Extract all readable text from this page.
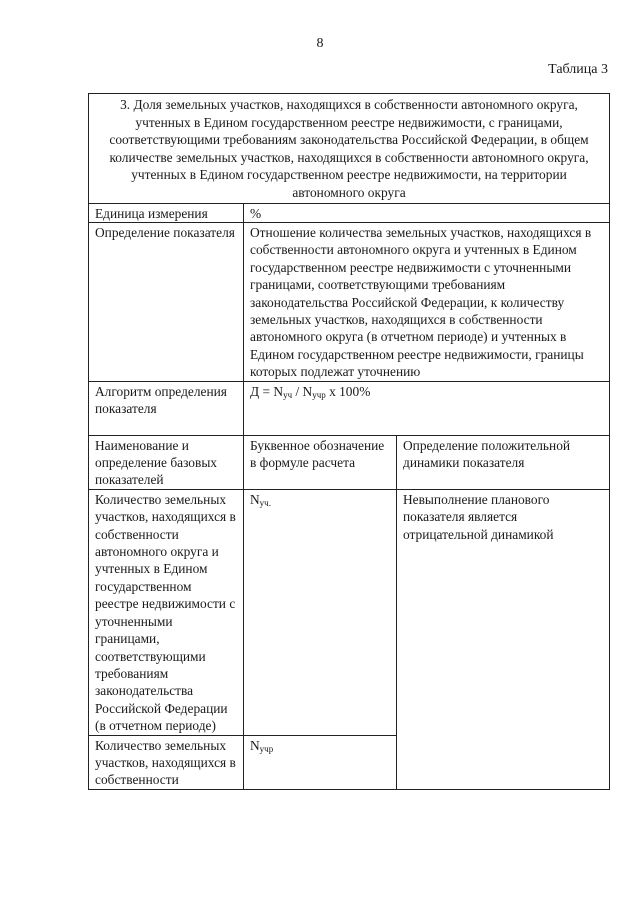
8
Таблица 3
3. Доля земельных участков, находящихся в собственности автономного округа, учтенных в Едином государственном реестре недвижимости, с границами, соответствующими требованиям законодательства Российской Федерации, в общем количестве земельных участков, находящихся в собственности автономного округа, учтенных в Едином государственном реестре недвижимости, на территории автономного округа		
Единица измерения	%	
Определение показателя	Отношение количества земельных участков, находящихся в собственности автономного округа и учтенных в Едином государственном реестре недвижимости с уточненными границами, соответствующими требованиям законодательства Российской Федерации, к количеству земельных участков, находящихся в собственности автономного округа (в отчетном периоде) и учтенных в Едином государственном реестре недвижимости, границы которых подлежат уточнению	
Алгоритм определения показателя	$Д = N_{уч} / N_{учр}$ x 100%	
Наименование и определение базовых показателей	Буквенное обозначение в формуле расчета	Определение положительной динамики показателя
Количество земельных участков, находящихся в собственности автономного округа и учтенных в Едином государственном реестре недвижимости с уточненными границами, соответствующими требованиям законодательства Российской Федерации (в отчетном периоде)	$N_{уч.}$	Невыполнение планового показателя является отрицательной динамикой
Количество земельных участков, находящихся в собственности	$N_{учр}$
